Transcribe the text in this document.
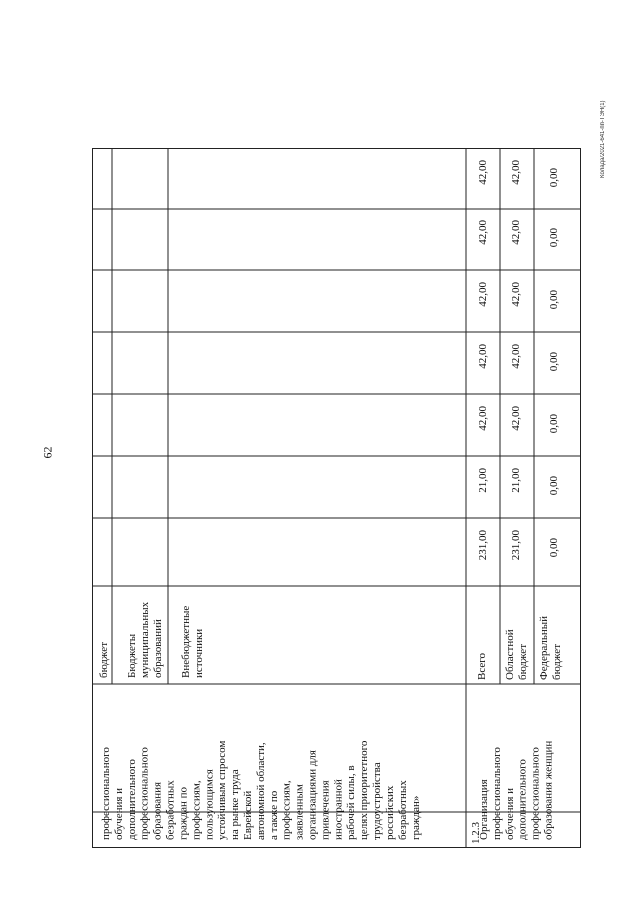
62
Колада/2021-641-пп-ТЭН(1)
профессионального
обучения и
дополнительного
профессионального
образования
безработных
граждан по
профессиям,
пользующимся
устойчивым спросом
на рынке труда
Еврейской
автономной области,
а также по
профессиям,
заявленным
организациями для
привлечения
иностранной
рабочей силы, в
целях приоритетного
трудоустройства
российских
безработных
граждан»
бюджет Бюджеты
муниципальных
образований Внебюджетные
источники
1.2.3
Организация
профессионального
обучения и
дополнительного
профессионального
образования женщин
Всего Областной
бюджет Федеральный
бюджет
231,00
21,00
42,00
42,00
42,00
42,00
42,00
231,00
21,00
42,00
42,00
42,00
42,00
42,00
0,00
0,00
0,00
0,00
0,00
0,00
0,00
